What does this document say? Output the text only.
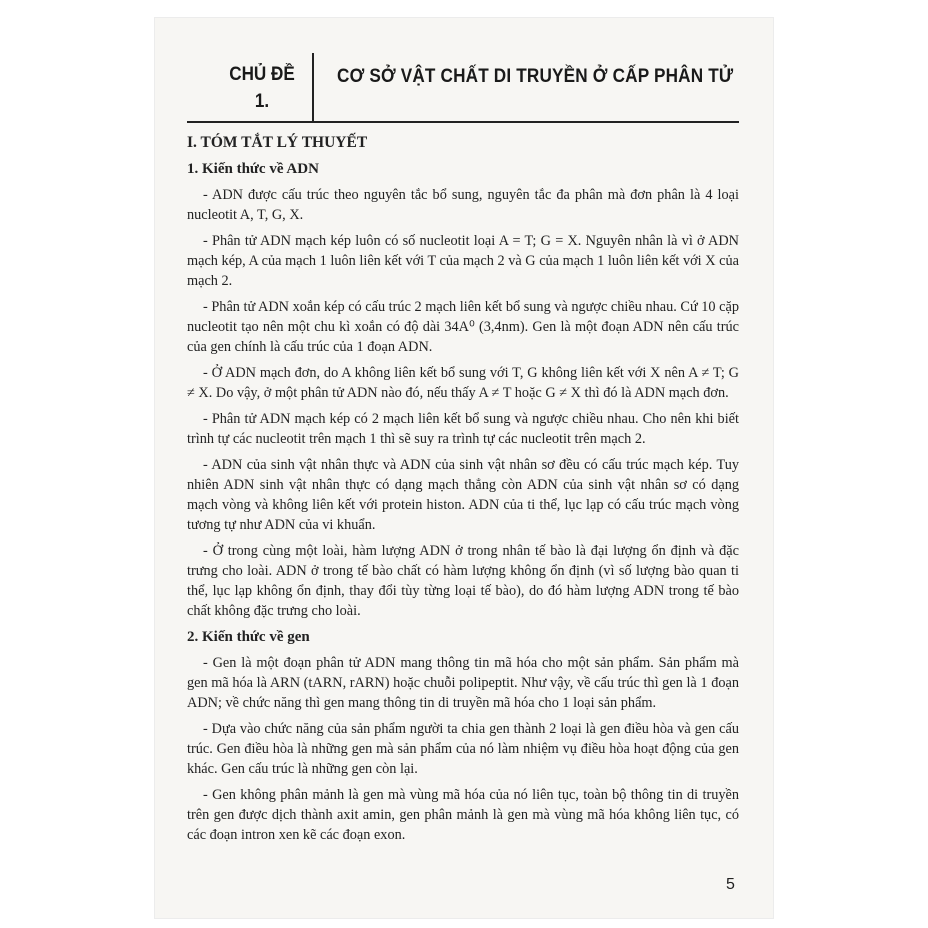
CHỦ ĐỀ
1.
CƠ SỞ VẬT CHẤT DI TRUYỀN Ở CẤP PHÂN TỬ
I. TÓM TẮT LÝ THUYẾT
1. Kiến thức về ADN

- ADN được cấu trúc theo nguyên tắc bổ sung, nguyên tắc đa phân mà đơn phân là 4 loại nucleotit A, T, G, X.

- Phân tử ADN mạch kép luôn có số nucleotit loại A = T; G = X. Nguyên nhân là vì ở ADN mạch kép, A của mạch 1 luôn liên kết với T của mạch 2 và G của mạch 1 luôn liên kết với X của mạch 2.

- Phân tử ADN xoắn kép có cấu trúc 2 mạch liên kết bổ sung và ngược chiều nhau. Cứ 10 cặp nucleotit tạo nên một chu kì xoắn có độ dài 34A⁰ (3,4nm). Gen là một đoạn ADN nên cấu trúc của gen chính là cấu trúc của 1 đoạn ADN.

- Ở ADN mạch đơn, do A không liên kết bổ sung với T, G không liên kết với X nên A ≠ T; G ≠ X. Do vậy, ở một phân tử ADN nào đó, nếu thấy A ≠ T hoặc G ≠ X thì đó là ADN mạch đơn.

- Phân tử ADN mạch kép có 2 mạch liên kết bổ sung và ngược chiều nhau. Cho nên khi biết trình tự các nucleotit trên mạch 1 thì sẽ suy ra trình tự các nucleotit trên mạch 2.

- ADN của sinh vật nhân thực và ADN của sinh vật nhân sơ đều có cấu trúc mạch kép. Tuy nhiên ADN sinh vật nhân thực có dạng mạch thẳng còn ADN của sinh vật nhân sơ có dạng mạch vòng và không liên kết với protein histon. ADN của ti thể, lục lạp có cấu trúc mạch vòng tương tự như ADN của vi khuẩn.

- Ở trong cùng một loài, hàm lượng ADN ở trong nhân tế bào là đại lượng ổn định và đặc trưng cho loài. ADN ở trong tế bào chất có hàm lượng không ổn định (vì số lượng bào quan ti thể, lục lạp không ổn định, thay đổi tùy từng loại tế bào), do đó hàm lượng ADN trong tế bào chất không đặc trưng cho loài.

2. Kiến thức về gen

- Gen là một đoạn phân tử ADN mang thông tin mã hóa cho một sản phẩm. Sản phẩm mà gen mã hóa là ARN (tARN, rARN) hoặc chuỗi polipeptit. Như vậy, về cấu trúc thì gen là 1 đoạn ADN; về chức năng thì gen mang thông tin di truyền mã hóa cho 1 loại sản phẩm.

- Dựa vào chức năng của sản phẩm người ta chia gen thành 2 loại là gen điều hòa và gen cấu trúc. Gen điều hòa là những gen mà sản phẩm của nó làm nhiệm vụ điều hòa hoạt động của gen khác. Gen cấu trúc là những gen còn lại.

- Gen không phân mảnh là gen mà vùng mã hóa của nó liên tục, toàn bộ thông tin di truyền trên gen được dịch thành axit amin, gen phân mảnh là gen mà vùng mã hóa không liên tục, có các đoạn intron xen kẽ các đoạn exon.

5
